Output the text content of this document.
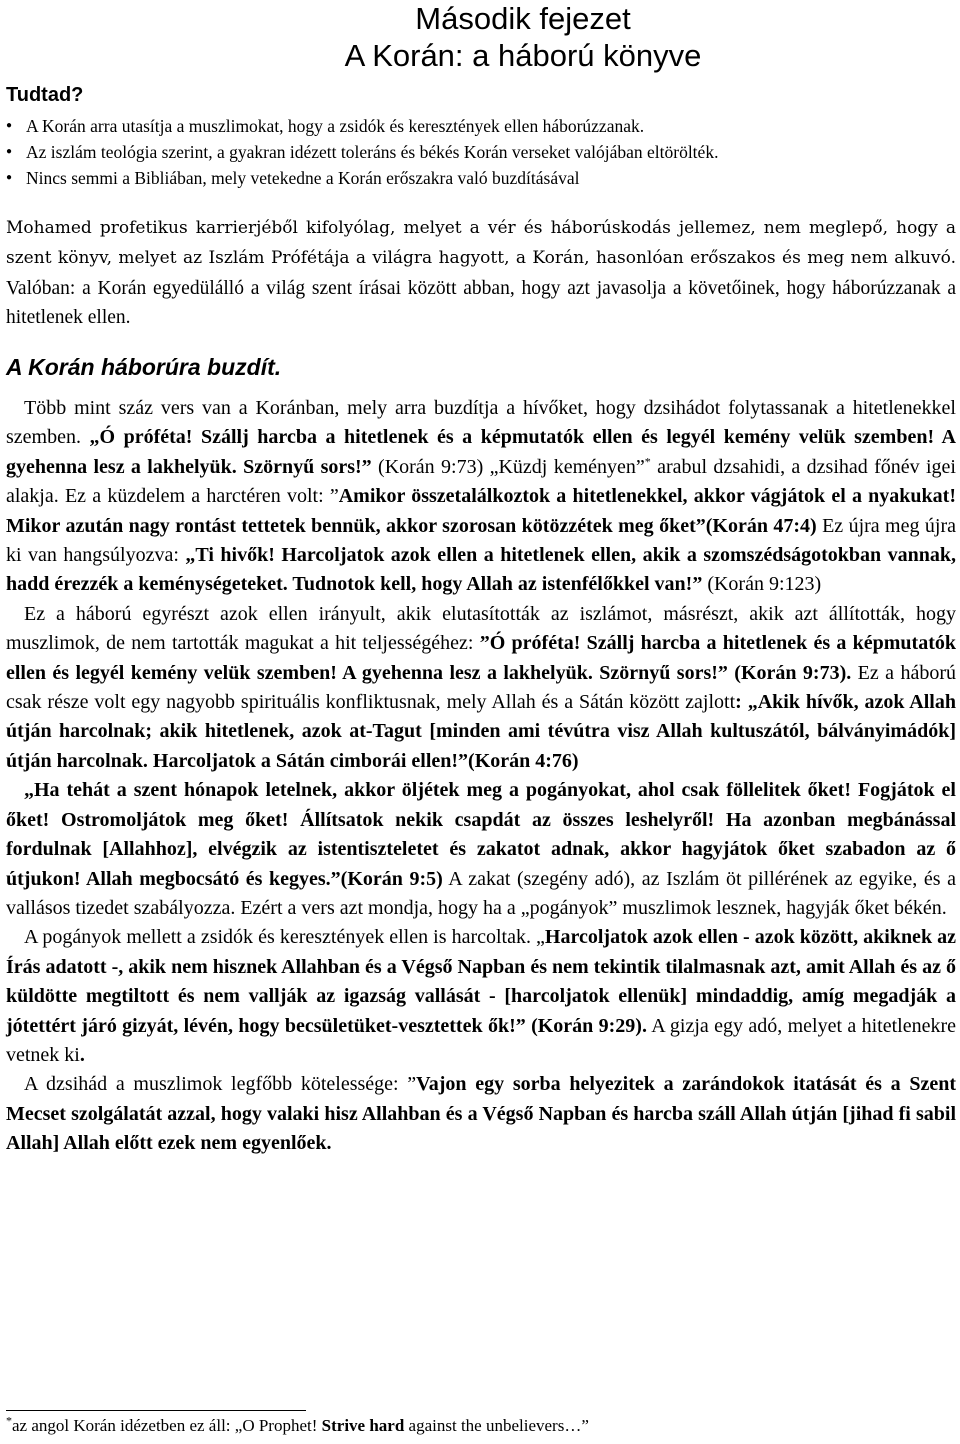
Második fejezet
A Korán: a háború könyve
Tudtad?
● A Korán arra utasítja a muszlimokat, hogy a zsidók és keresztények ellen háborúzzanak.
● Az iszlám teológia szerint, a gyakran idézett toleráns és békés Korán verseket valójában eltörölték.
● Nincs semmi a Bibliában, mely vetekedne a Korán erőszakra való buzdításával

Mohamed profetikus karrierjéből kifolyólag, melyet a vér és háborúskodás jellemez, nem meglepő, hogy a szent könyv, melyet az Iszlám Prófétája a világra hagyott, a Korán, hasonlóan erőszakos és meg nem alkuvó. Valóban: a Korán egyedülálló a világ szent írásai között abban, hogy azt javasolja a követőinek, hogy háborúzzanak a hitetlenek ellen.

A Korán háborúra buzdít.

Több mint száz vers van a Koránban, mely arra buzdítja a hívőket, hogy dzsihádot folytassanak a hitetlenekkel szemben. „Ó próféta! Szállj harcba a hitetlenek és a képmutatók ellen és legyél kemény velük szemben! A gyehenna lesz a lakhelyük. Szörnyű sors!” (Korán 9:73) „Küzdj keményen”* arabul dzsahidi, a dzsihad főnév igei alakja. Ez a küzdelem a harctéren volt: ”Amikor összetalálkoztok a hitetlenekkel, akkor vágjátok el a nyakukat! Mikor azután nagy rontást tettetek bennük, akkor szorosan kötözzétek meg őket”(Korán 47:4) Ez újra meg újra ki van hangsúlyozva: „Ti hivők! Harcoljatok azok ellen a hitetlenek ellen, akik a szomszédságotokban vannak, hadd érezzék a keménységeteket. Tudnotok kell, hogy Allah az istenfélőkkel van!” (Korán 9:123)

Ez a háború egyrészt azok ellen irányult, akik elutasították az iszlámot, másrészt, akik azt állították, hogy muszlimok, de nem tartották magukat a hit teljességéhez: ”Ó próféta! Szállj harcba a hitetlenek és a képmutatók ellen és legyél kemény velük szemben! A gyehenna lesz a lakhelyük. Szörnyű sors!” (Korán 9:73). Ez a háború csak része volt egy nagyobb spirituális konfliktusnak, mely Allah és a Sátán között zajlott: „Akik hívők, azok Allah útján harcolnak; akik hitetlenek, azok at-Tagut [minden ami tévútra visz Allah kultuszától, bálványimádók] útján harcolnak. Harcoljatok a Sátán cimborái ellen!”(Korán 4:76)

„Ha tehát a szent hónapok letelnek, akkor öljétek meg a pogányokat, ahol csak föllelitek őket! Fogjátok el őket! Ostromoljátok meg őket! Állítsatok nekik csapdát az összes leshelyről! Ha azonban megbánással fordulnak [Allahhoz], elvégzik az istentiszteletet és zakatot adnak, akkor hagyjátok őket szabadon az ő útjukon! Allah megbocsátó és kegyes.”(Korán 9:5) A zakat (szegény adó), az Iszlám öt pillérének az egyike, és a vallásos tizedet szabályozza. Ezért a vers azt mondja, hogy ha a „pogányok” muszlimok lesznek, hagyják őket békén.

A pogányok mellett a zsidók és keresztények ellen is harcoltak. „Harcoljatok azok ellen - azok között, akiknek az Írás adatott -, akik nem hisznek Allahban és a Végső Napban és nem tekintik tilalmasnak azt, amit Allah és az ő küldötte megtiltott és nem vallják az igazság vallását - [harcoljatok ellenük] mindaddig, amíg megadják a jótettért járó gizyát, lévén, hogy becsületüket-vesztettek ők!” (Korán 9:29). A gizja egy adó, melyet a hitetlenekre vetnek ki.

A dzsihád a muszlimok legfőbb kötelessége: ”Vajon egy sorba helyezitek a zarándokok itatását és a Szent Mecset szolgálatát azzal, hogy valaki hisz Allahban és a Végső Napban és harcba száll Allah útján [jihad fi sabil Allah] Allah előtt ezek nem egyenlőek.

*az angol Korán idézetben ez áll: „O Prophet! Strive hard against the unbelievers…”
